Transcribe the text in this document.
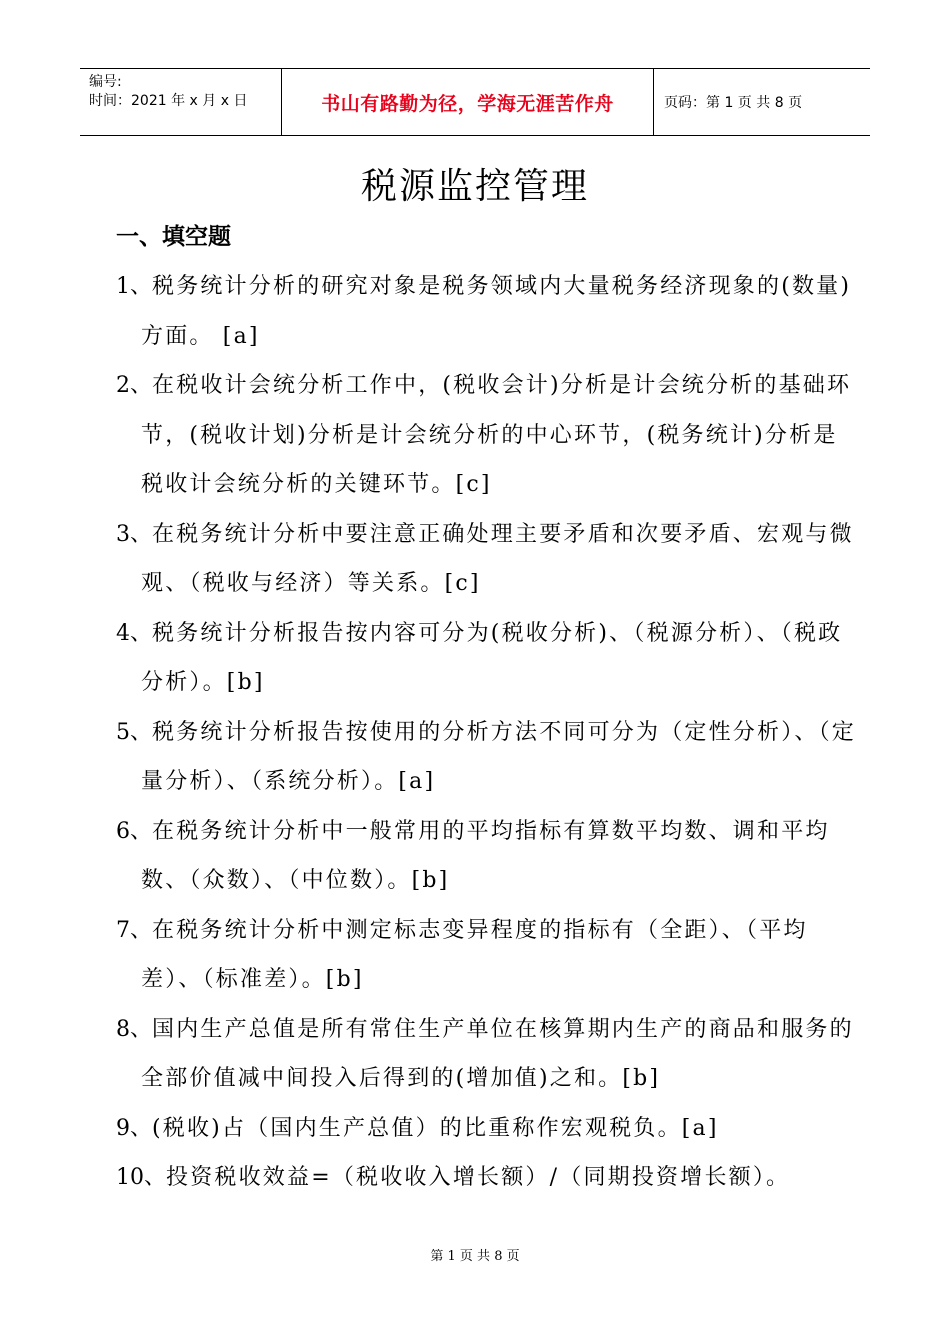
编号:
时间：2021 年 x 月 x 日	书山有路勤为径，学海无涯苦作舟	页码：第 1 页 共 8 页
税源监控管理
一、填空题
1、税务统计分析的研究对象是税务领域内大量税务经济现象的(数量)方面。 [a]
2、在税收计会统分析工作中，(税收会计)分析是计会统分析的基础环节，(税收计划)分析是计会统分析的中心环节，(税务统计)分析是税收计会统分析的关键环节。[c]
3、在税务统计分析中要注意正确处理主要矛盾和次要矛盾、宏观与微观、（税收与经济）等关系。[c]
4、税务统计分析报告按内容可分为(税收分析)、（税源分析）、（税政分析）。[b]
5、税务统计分析报告按使用的分析方法不同可分为（定性分析）、（定量分析）、（系统分析）。[a]
6、在税务统计分析中一般常用的平均指标有算数平均数、调和平均数、（众数）、（中位数）。[b]
7、在税务统计分析中测定标志变异程度的指标有（全距）、（平均差）、（标准差）。[b]
8、国内生产总值是所有常住生产单位在核算期内生产的商品和服务的全部价值减中间投入后得到的(增加值)之和。[b]
9、(税收)占（国内生产总值）的比重称作宏观税负。[a]
10、投资税收效益=（税收收入增长额）/（同期投资增长额）。
第 1 页 共 8 页
